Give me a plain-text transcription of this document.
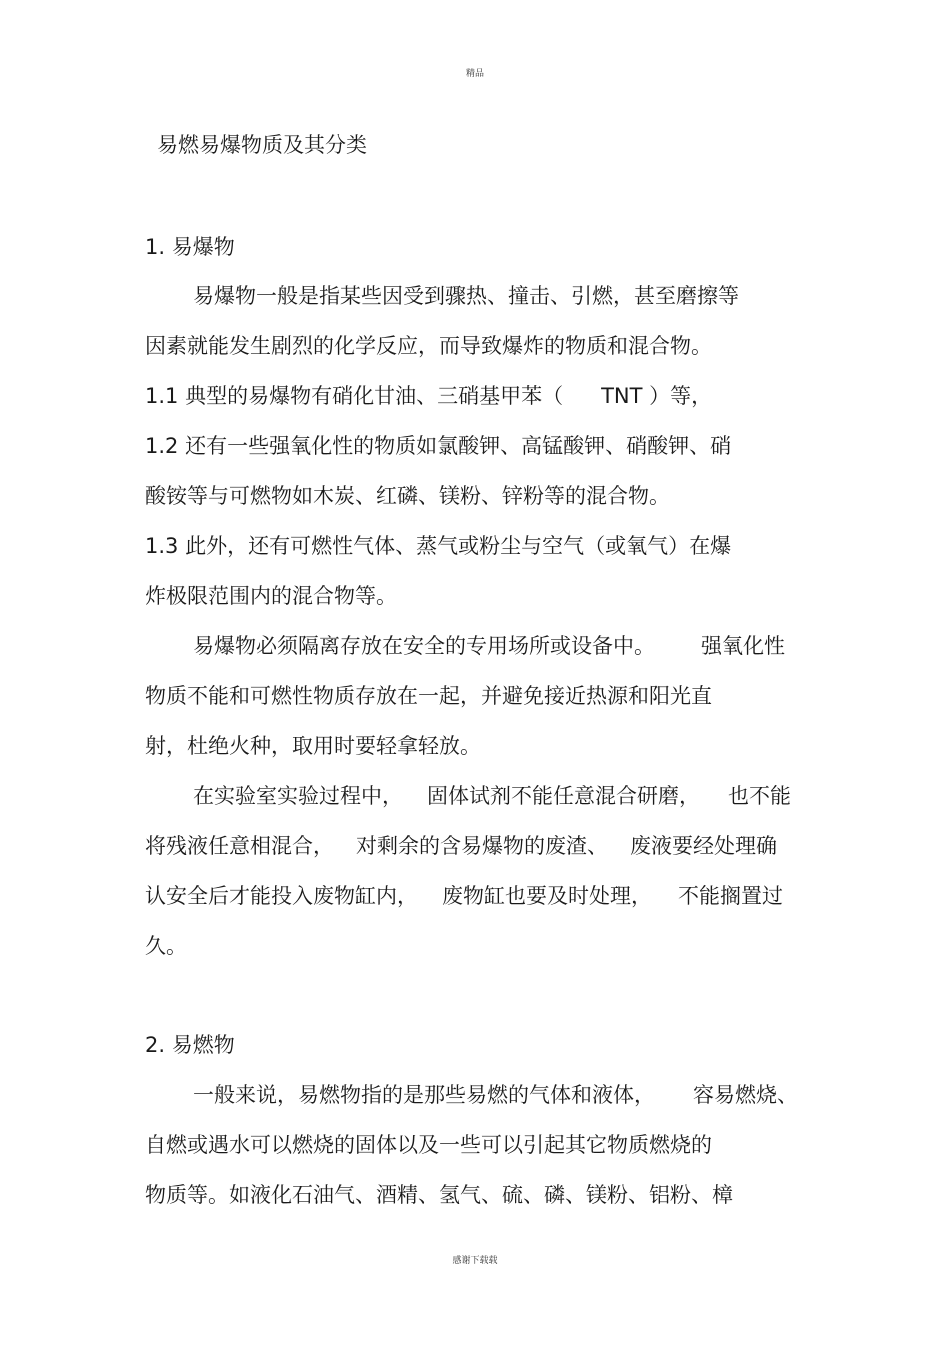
精品
易燃易爆物质及其分类
1. 易爆物
易爆物一般是指某些因受到骤热、撞击、引燃，甚至磨擦等
因素就能发生剧烈的化学反应，而导致爆炸的物质和混合物。
1.1 典型的易爆物有硝化甘油、三硝基甲苯（ TNT ）等，
1.2 还有一些强氧化性的物质如氯酸钾、高锰酸钾、硝酸钾、硝
酸铵等与可燃物如木炭、红磷、镁粉、锌粉等的混合物。
1.3 此外，还有可燃性气体、蒸气或粉尘与空气（或氧气）在爆
炸极限范围内的混合物等。
易爆物必须隔离存放在安全的专用场所或设备中。 强氧化性
物质不能和可燃性物质存放在一起，并避免接近热源和阳光直
射，杜绝火种，取用时要轻拿轻放。
在实验室实验过程中， 固体试剂不能任意混合研磨， 也不能
将残液任意相混合， 对剩余的含易爆物的废渣、 废液要经处理确
认安全后才能投入废物缸内， 废物缸也要及时处理， 不能搁置过
久。
2. 易燃物
一般来说，易燃物指的是那些易燃的气体和液体， 容易燃烧、
自燃或遇水可以燃烧的固体以及一些可以引起其它物质燃烧的
物质等。如液化石油气、酒精、氢气、硫、磷、镁粉、铝粉、樟
感谢下载载
